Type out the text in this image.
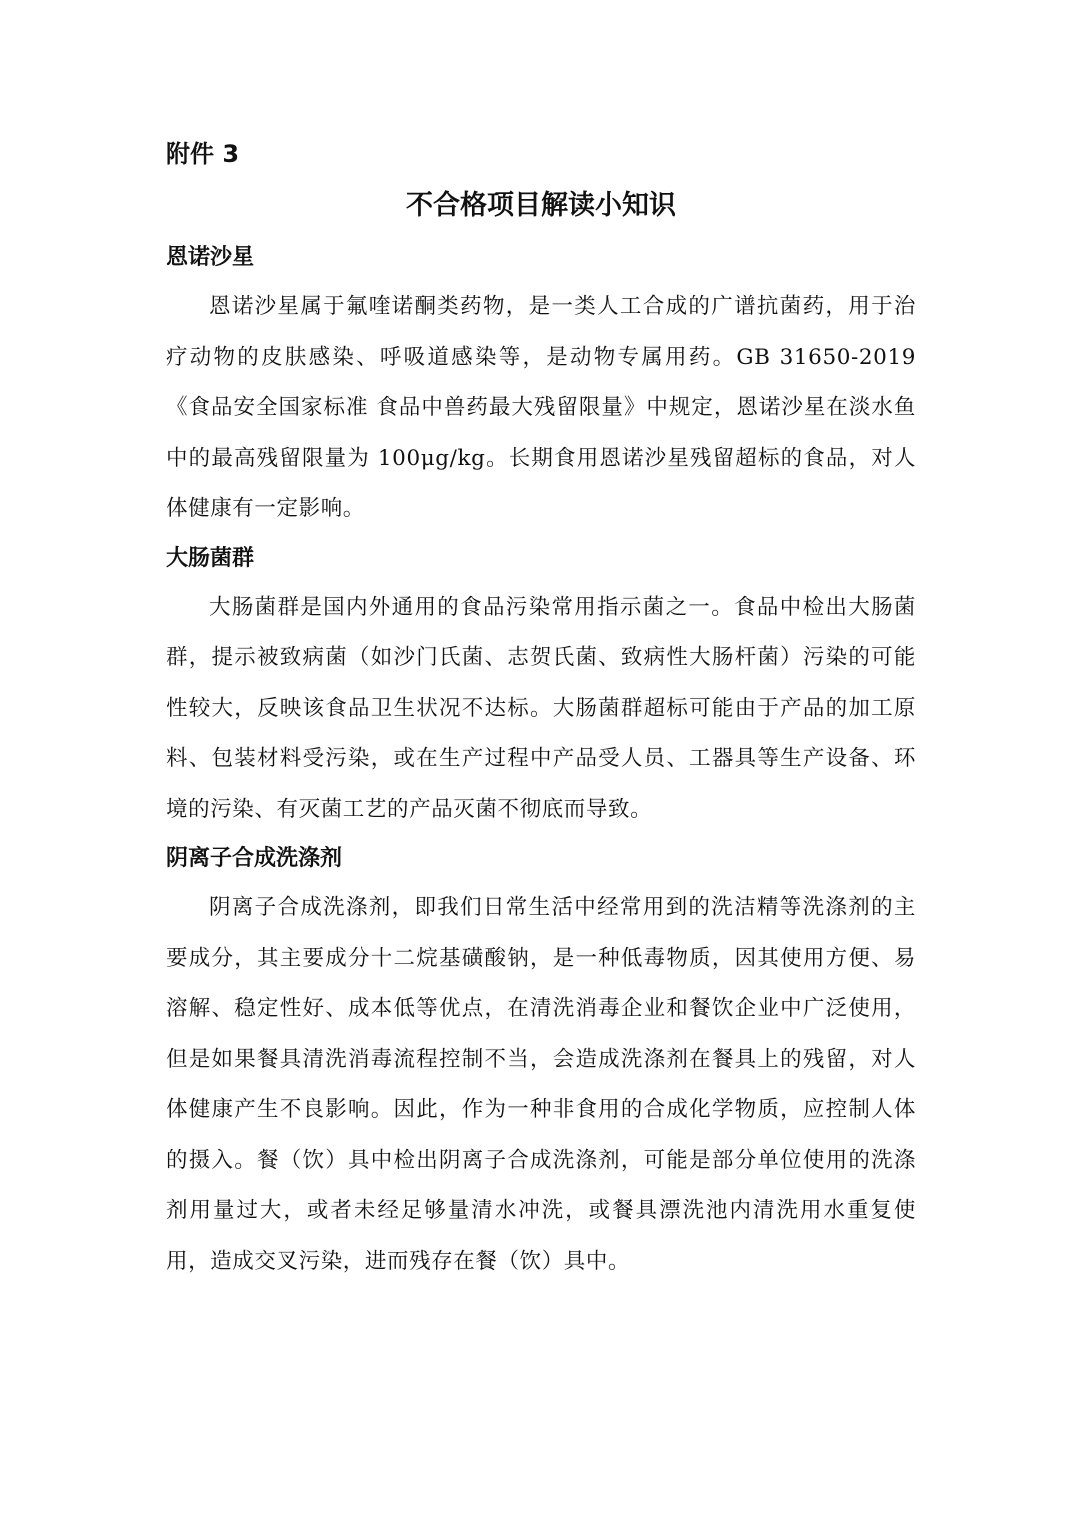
附件 3

不合格项目解读小知识
恩诺沙星

恩诺沙星属于氟喹诺酮类药物，是一类人工合成的广谱抗菌药，用于治疗动物的皮肤感染、呼吸道感染等，是动物专属用药。GB 31650-2019《食品安全国家标准 食品中兽药最大残留限量》中规定，恩诺沙星在淡水鱼中的最高残留限量为 100μg/kg。长期食用恩诺沙星残留超标的食品，对人体健康有一定影响。

大肠菌群

大肠菌群是国内外通用的食品污染常用指示菌之一。食品中检出大肠菌群，提示被致病菌（如沙门氏菌、志贺氏菌、致病性大肠杆菌）污染的可能性较大，反映该食品卫生状况不达标。大肠菌群超标可能由于产品的加工原料、包装材料受污染，或在生产过程中产品受人员、工器具等生产设备、环境的污染、有灭菌工艺的产品灭菌不彻底而导致。

阴离子合成洗涤剂

阴离子合成洗涤剂，即我们日常生活中经常用到的洗洁精等洗涤剂的主要成分，其主要成分十二烷基磺酸钠，是一种低毒物质，因其使用方便、易溶解、稳定性好、成本低等优点，在清洗消毒企业和餐饮企业中广泛使用，但是如果餐具清洗消毒流程控制不当，会造成洗涤剂在餐具上的残留，对人体健康产生不良影响。因此，作为一种非食用的合成化学物质，应控制人体的摄入。餐（饮）具中检出阴离子合成洗涤剂，可能是部分单位使用的洗涤剂用量过大，或者未经足够量清水冲洗，或餐具漂洗池内清洗用水重复使用，造成交叉污染，进而残存在餐（饮）具中。
